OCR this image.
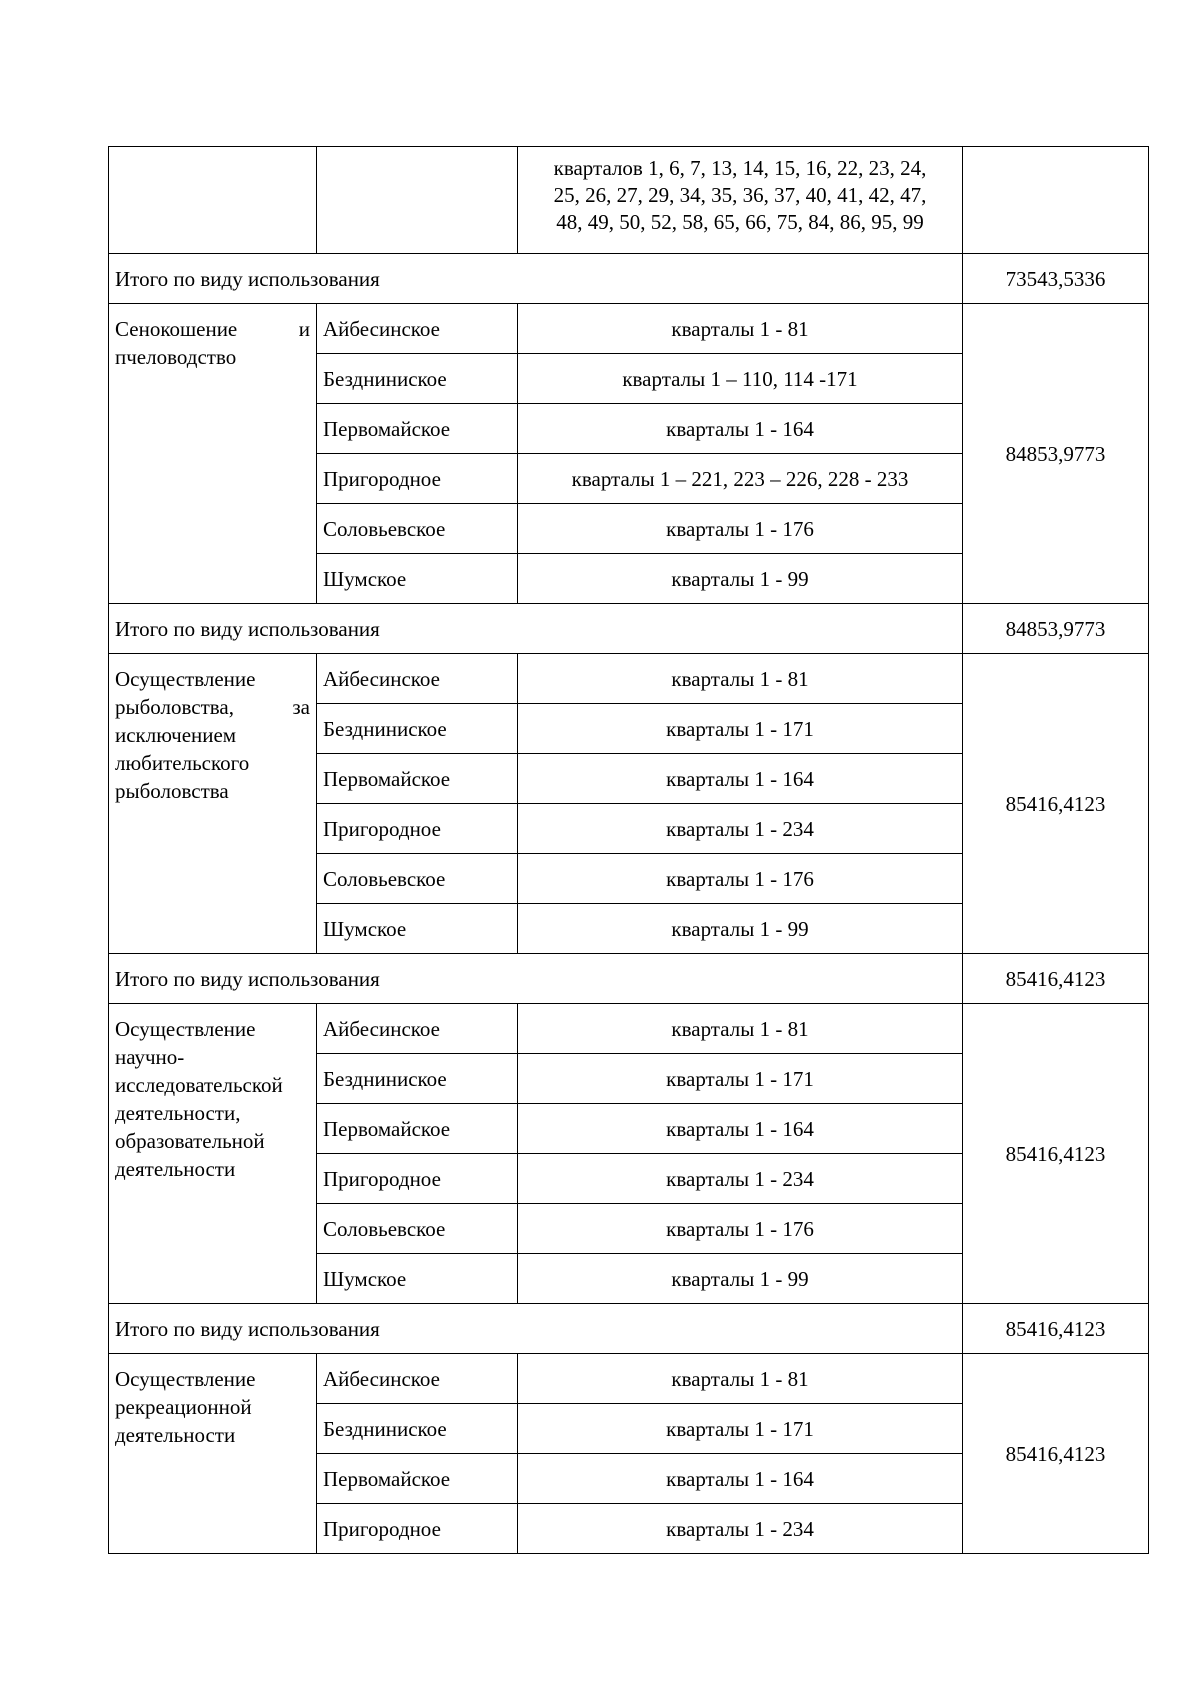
		кварталов 1, 6, 7, 13, 14, 15, 16, 22, 23, 24,
25, 26, 27, 29, 34, 35, 36, 37, 40, 41, 42, 47,
48, 49, 50, 52, 58, 65, 66, 75, 84, 86, 95, 99	

Итого по виду использования			73543,5336
Сенокошение и пчеловодство	Айбесинское	кварталы 1 - 81	84853,9773
	Бездниниское	кварталы 1 – 110, 114 -171	
	Первомайское	кварталы 1 - 164	
	Пригородное	кварталы 1 – 221, 223 – 226, 228 - 233	
	Соловьевское	кварталы 1 - 176	
	Шумское	кварталы 1 - 99	
Итого по виду использования			84853,9773
Осуществление рыболовства, за исключением любительского рыболовства	Айбесинское	кварталы 1 - 81	85416,4123
	Бездниниское	кварталы 1 - 171	
	Первомайское	кварталы 1 - 164	
	Пригородное	кварталы 1 - 234	
	Соловьевское	кварталы 1 - 176	
	Шумское	кварталы 1 - 99	
Итого по виду использования			85416,4123
Осуществление научно-исследовательской деятельности, образовательной деятельности	Айбесинское	кварталы 1 - 81	85416,4123
	Бездниниское	кварталы 1 - 171	
	Первомайское	кварталы 1 - 164	
	Пригородное	кварталы 1 - 234	
	Соловьевское	кварталы 1 - 176	
	Шумское	кварталы 1 - 99	
Итого по виду использования			85416,4123
Осуществление рекреационной деятельности	Айбесинское	кварталы 1 - 81	85416,4123
	Бездниниское	кварталы 1 - 171	
	Первомайское	кварталы 1 - 164	
	Пригородное	кварталы 1 - 234	
